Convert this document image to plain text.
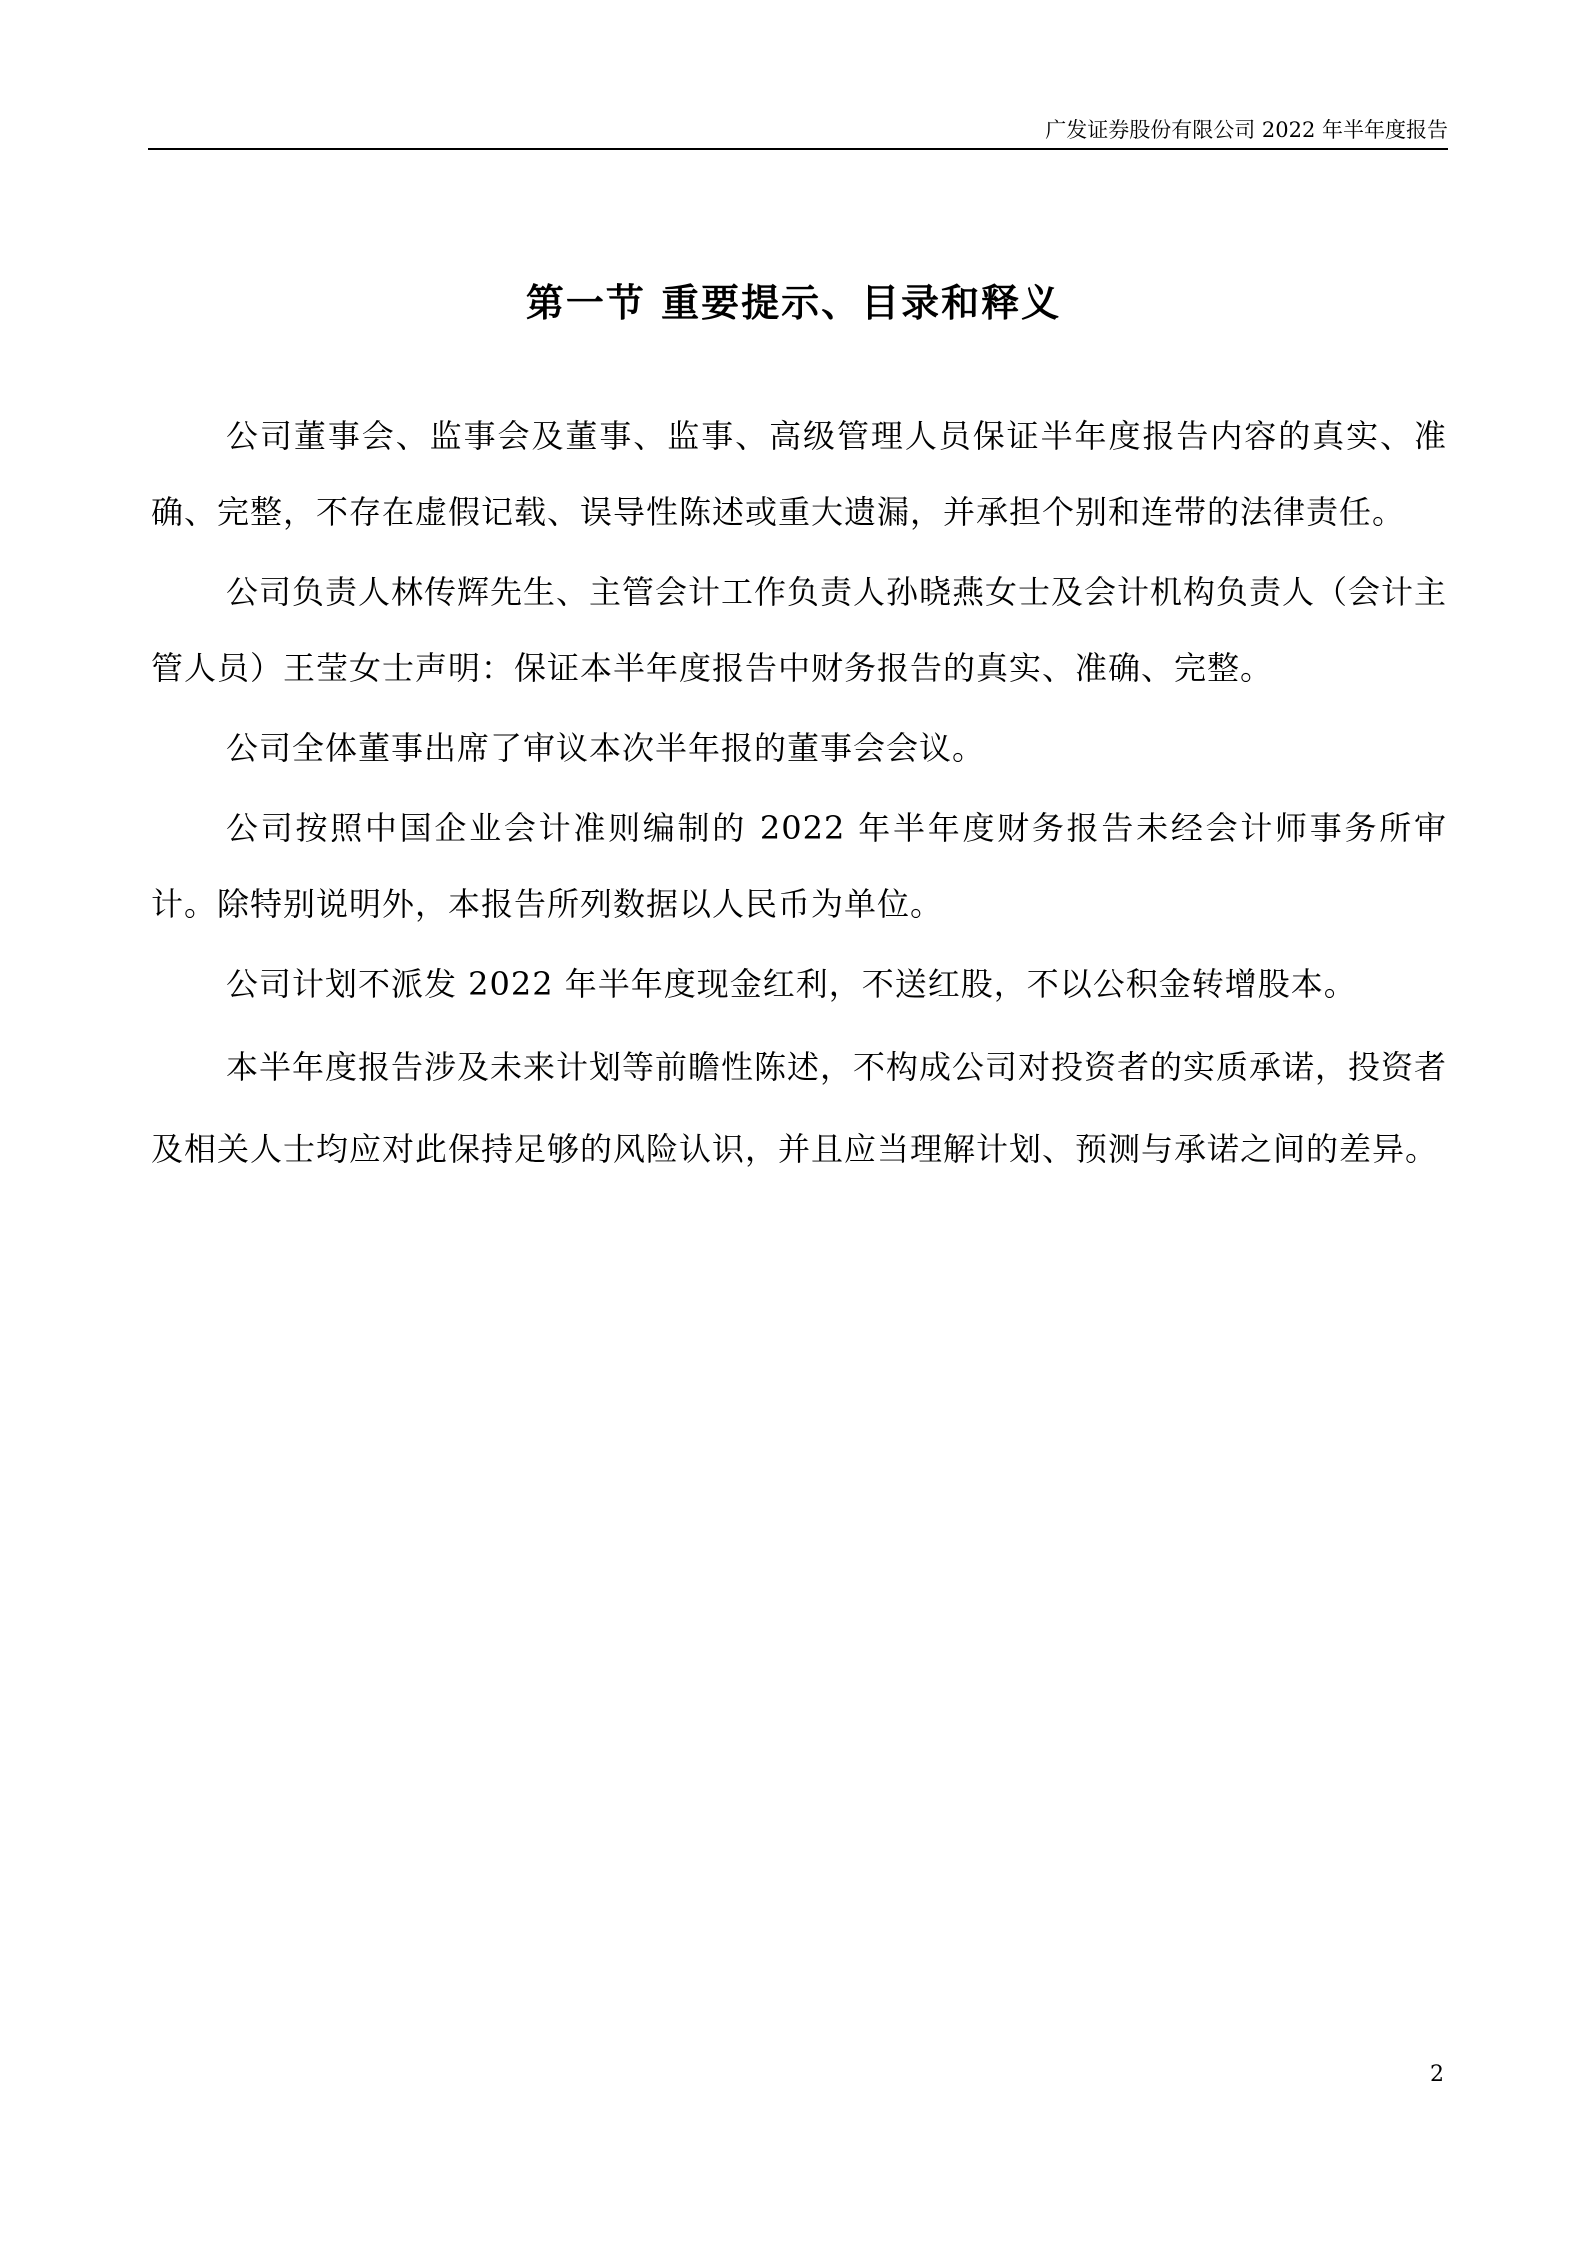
广发证券股份有限公司 2022 年半年度报告
第一节 重要提示、目录和释义

公司董事会、监事会及董事、监事、高级管理人员保证半年度报告内容的真实、准确、完整，不存在虚假记载、误导性陈述或重大遗漏，并承担个别和连带的法律责任。

公司负责人林传辉先生、主管会计工作负责人孙晓燕女士及会计机构负责人（会计主管人员）王莹女士声明：保证本半年度报告中财务报告的真实、准确、完整。

公司全体董事出席了审议本次半年报的董事会会议。

公司按照中国企业会计准则编制的 2022 年半年度财务报告未经会计师事务所审计。除特别说明外，本报告所列数据以人民币为单位。

公司计划不派发 2022 年半年度现金红利，不送红股，不以公积金转增股本。

本半年度报告涉及未来计划等前瞻性陈述，不构成公司对投资者的实质承诺，投资者及相关人士均应对此保持足够的风险认识，并且应当理解计划、预测与承诺之间的差异。

2
